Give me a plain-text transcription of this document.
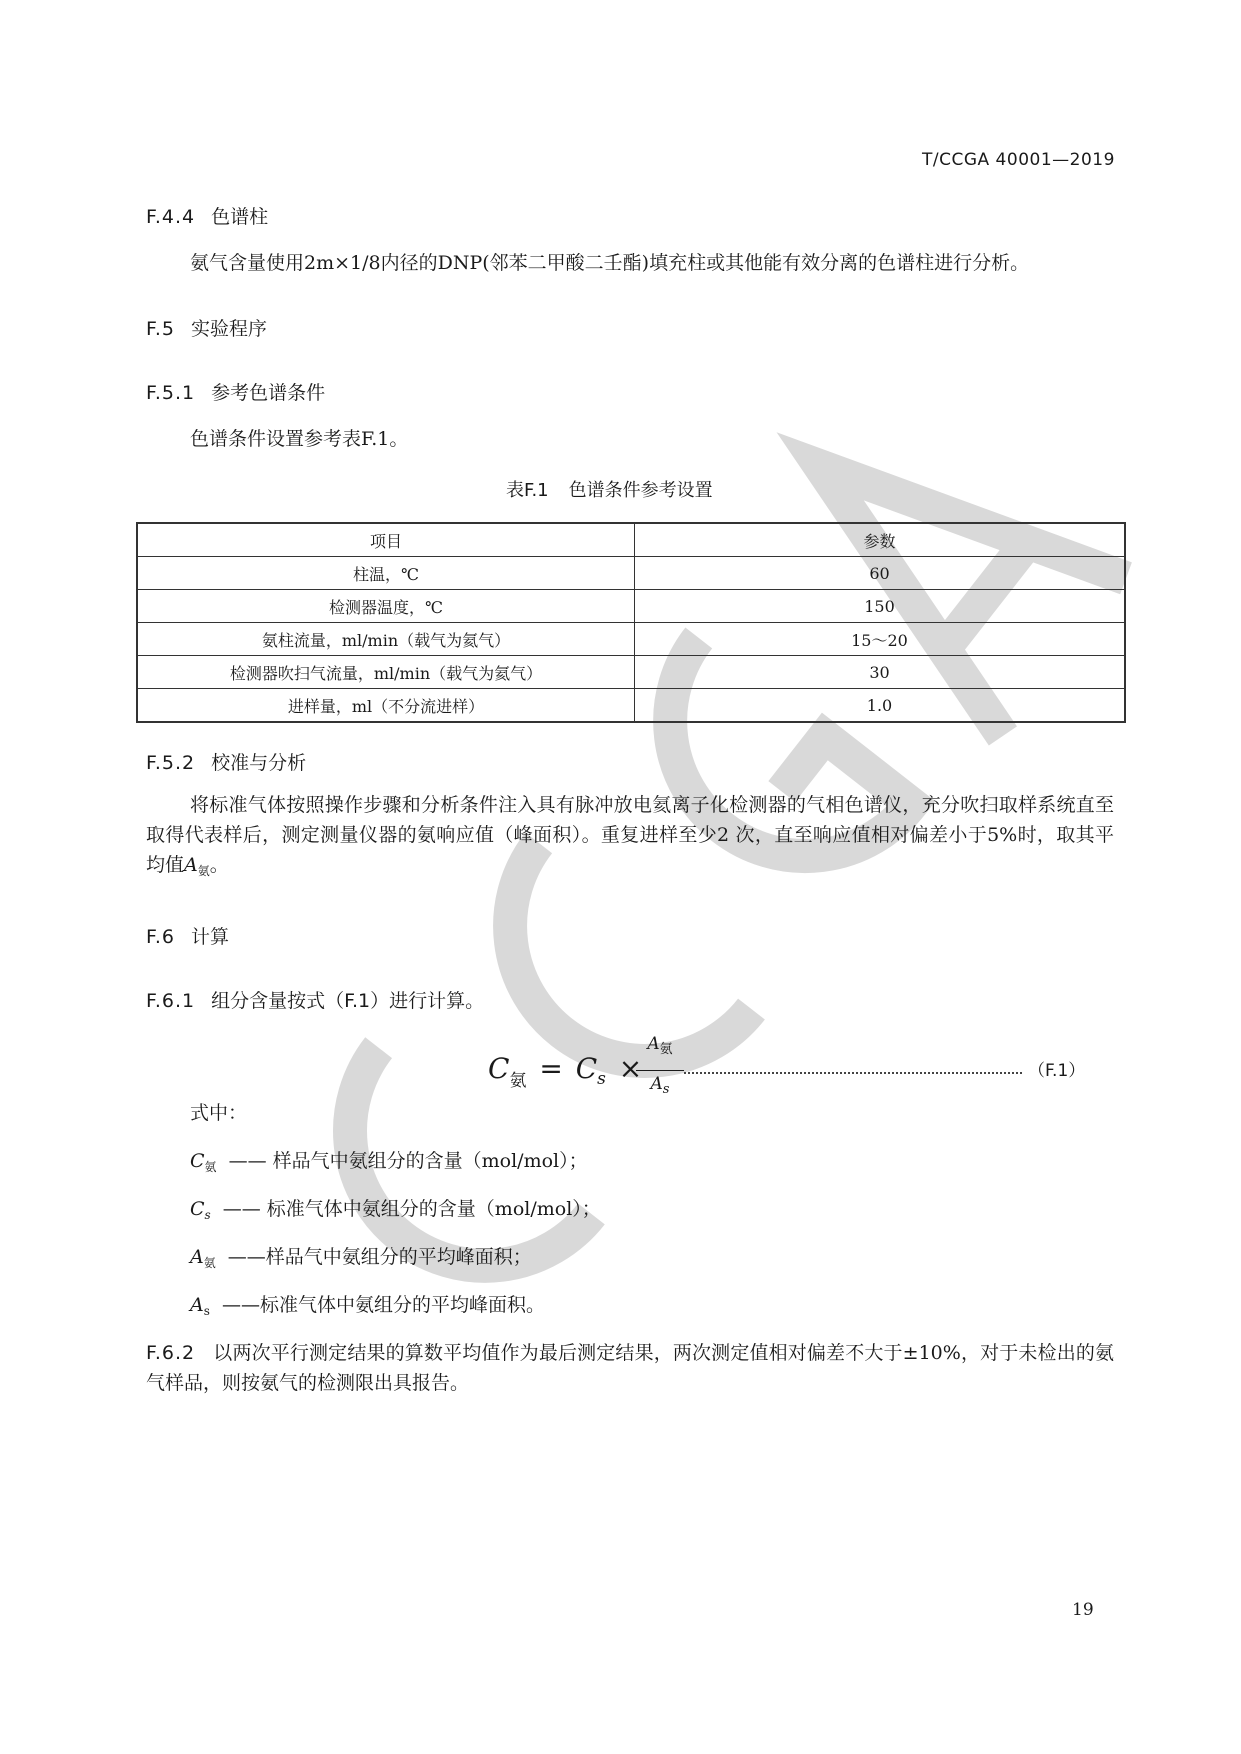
T/CCGA 40001—2019
F.4.4 色谱柱
氨气含量使用2m×1/8内径的DNP(邻苯二甲酸二壬酯)填充柱或其他能有效分离的色谱柱进行分析。
F.5 实验程序
F.5.1 参考色谱条件
色谱条件设置参考表F.1。
表F.1 色谱条件参考设置
项目	参数
柱温，℃	60
检测器温度，℃	150
氨柱流量，ml/min（载气为氦气）	15～20
检测器吹扫气流量，ml/min（载气为氦气）	30
进样量，ml（不分流进样）	1.0
F.5.2 校准与分析
将标准气体按照操作步骤和分析条件注入具有脉冲放电氦离子化检测器的气相色谱仪，充分吹扫取样系统直至取得代表样后，测定测量仪器的氨响应值（峰面积）。重复进样至少2 次，直至响应值相对偏差小于5%时，取其平均值$A_氨$。
F.6 计算
F.6.1 组分含量按式（F.1）进行计算。
$C_氨 = C_s$ ×
$A_氨$
$A_s$
（F.1）
式中：
$C_氨$ —— 样品气中氨组分的含量（mol/mol）；
$C_s$ —— 标准气体中氨组分的含量（mol/mol）；
$A_氨$ ——样品气中氨组分的平均峰面积；
$A_s$ ——标准气体中氨组分的平均峰面积。
F.6.2 以两次平行测定结果的算数平均值作为最后测定结果，两次测定值相对偏差不大于±10%，对于未检出的氨气样品，则按氨气的检测限出具报告。
19
